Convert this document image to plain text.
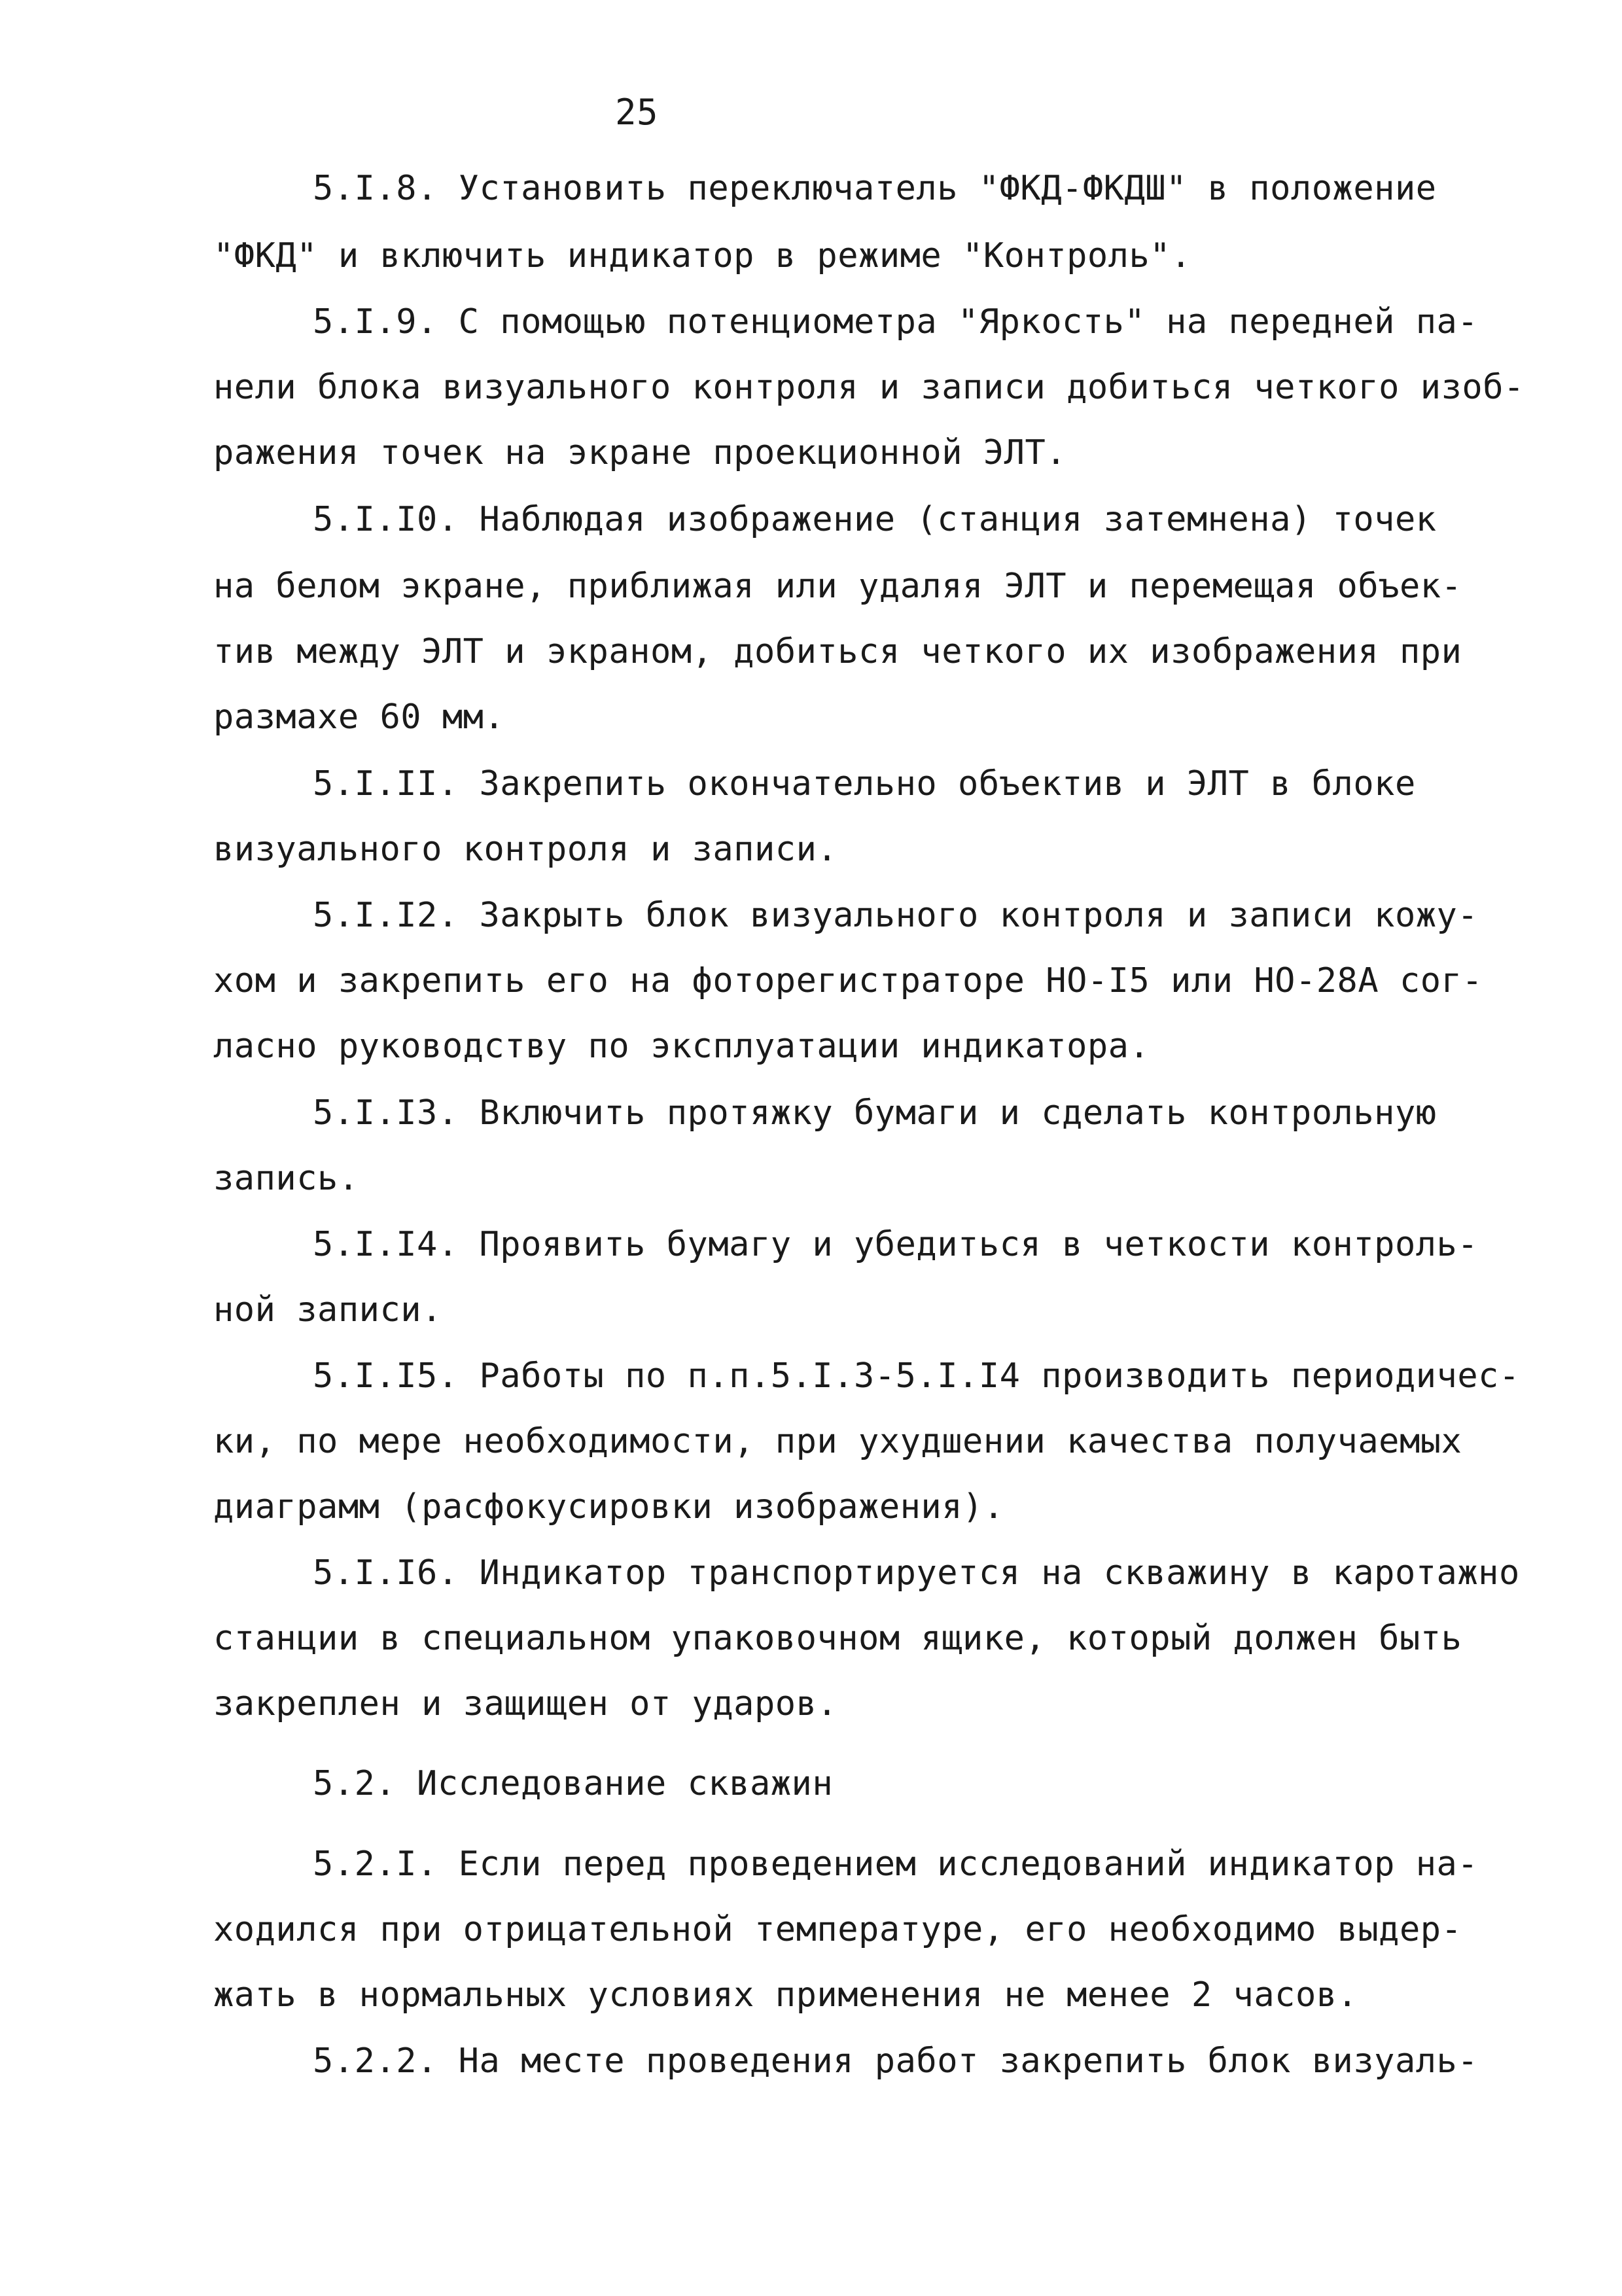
25
5.I.8. Установить переключатель "ФКД-ФКДШ" в положение
"ФКД" и включить индикатор в режиме "Контроль".
5.I.9. С помощью потенциометра "Яркость" на передней па-
нели блока визуального контроля и записи добиться четкого изоб-
ражения точек на экране проекционной ЭЛТ.
5.I.I0. Наблюдая изображение (станция затемнена) точек
на белом экране, приближая или удаляя ЭЛТ и перемещая объек-
тив между ЭЛТ и экраном, добиться четкого их изображения при
размахе 60 мм.
5.I.II. Закрепить окончательно объектив и ЭЛТ в блоке
визуального контроля и записи.
5.I.I2. Закрыть блок визуального контроля и записи кожу-
хом и закрепить его на фоторегистраторе НО-I5 или НО-28А сог-
ласно руководству по эксплуатации индикатора.
5.I.I3. Включить протяжку бумаги и сделать контрольную
запись.
5.I.I4. Проявить бумагу и убедиться в четкости контроль-
ной записи.
5.I.I5. Работы по п.п.5.I.3-5.I.I4 производить периодичес-
ки, по мере необходимости, при ухудшении качества получаемых
диаграмм (расфокусировки изображения).
5.I.I6. Индикатор транспортируется на скважину в каротажно
станции в специальном упаковочном ящике, который должен быть
закреплен и защищен от ударов.
5.2. Исследование скважин
5.2.I. Если перед проведением исследований индикатор на-
ходился при отрицательной температуре, его необходимо выдер-
жать в нормальных условиях применения не менее 2 часов.
5.2.2. На месте проведения работ закрепить блок визуаль-
